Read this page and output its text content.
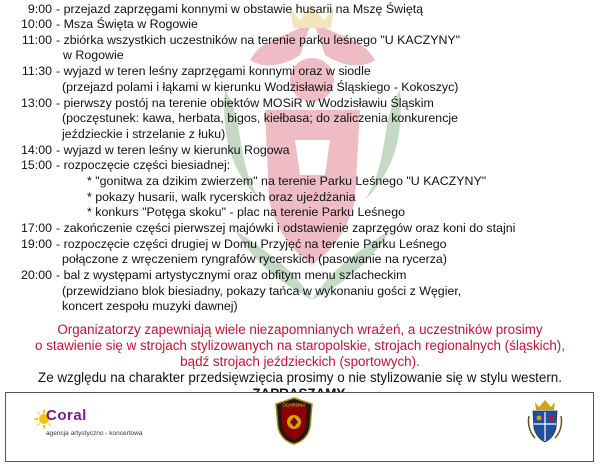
9:00 - przejazd zaprzęgami konnymi w obstawie husarii na Mszę Świętą
10:00 - Msza Święta w Rogowie
11:00 - zbiórka wszystkich uczestników na terenie parku leśnego "U KACZYNY"
w Rogowie
11:30 - wyjazd w teren leśny zaprzęgami konnymi oraz w siodle
(przejazd polami i łąkami w kierunku Wodzisławia Śląskiego - Kokoszyc)
13:00 - pierwszy postój na terenie obiektów MOSiR w Wodzisławiu Śląskim
(poczęstunek: kawa, herbata, bigos, kiełbasa; do zaliczenia konkurencje
jeździeckie i strzelanie z łuku)
14:00 - wyjazd w teren leśny w kierunku Rogowa
15:00 - rozpoczęcie części biesiadnej:
* "gonitwa za dzikim zwierzem" na terenie Parku Leśnego "U KACZYNY"
* pokazy husarii, walk rycerskich oraz ujeżdżania
* konkurs "Potęga skoku" - plac na terenie Parku Leśnego
17:00 - zakończenie części pierwszej majówki i odstawienie zaprzęgów oraz koni do stajni
19:00 - rozpoczęcie części drugiej w Domu Przyjęć na terenie Parku Leśnego
połączone z wręczeniem ryngrafów rycerskich (pasowanie na rycerza)
20:00 - bal z występami artystycznymi oraz obfitym menu szlacheckim
(przewidziano blok biesiadny, pokazy tańca w wykonaniu gości z Węgier,
koncert zespołu muzyki dawnej)
Organizatorzy zapewniają wiele niezapomnianych wrażeń, a uczestników prosimy
o stawienie się w strojach stylizowanych na staropolskie, strojach regionalnych (śląskich),
bądź strojach jeździeckich (sportowych).
Ze względu na charakter przedsięwzięcia prosimy o nie stylizowanie się w stylu western.
Coral
agencja artystyczno - koncertowa
OCHRONA
